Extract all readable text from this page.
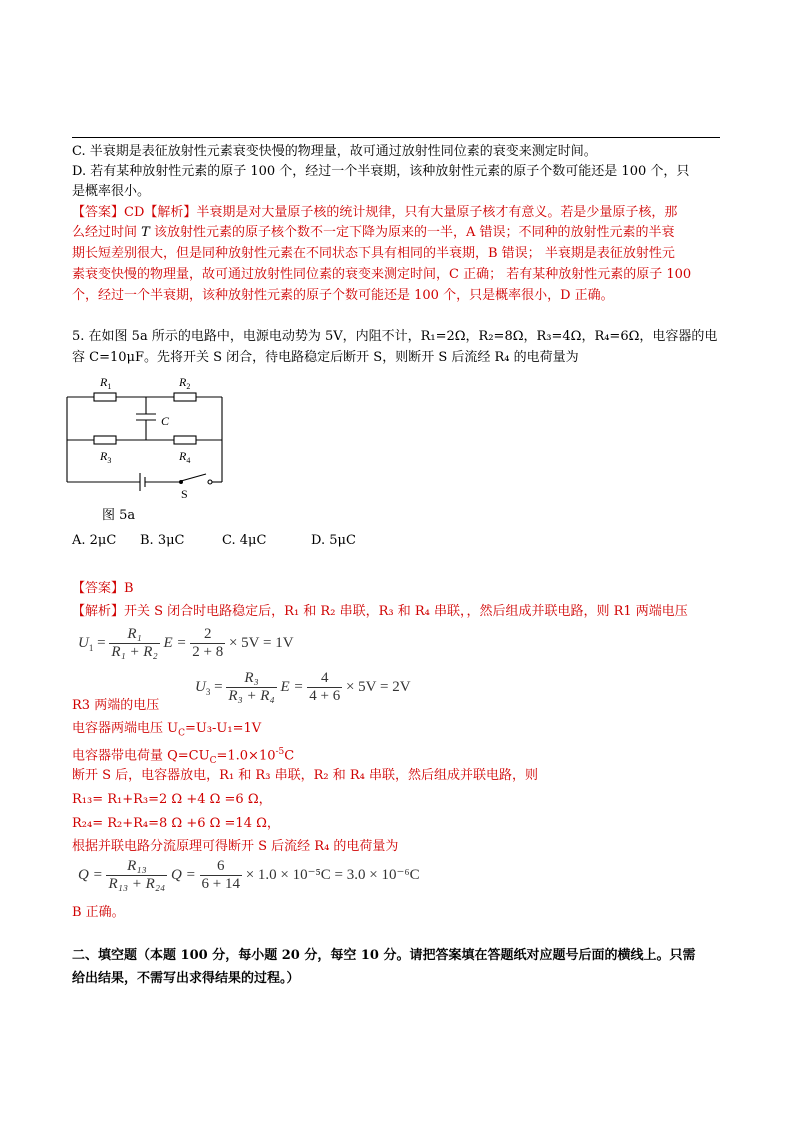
C. 半衰期是表征放射性元素衰变快慢的物理量，故可通过放射性同位素的衰变来测定时间。
D. 若有某种放射性元素的原子 100 个，经过一个半衰期，该种放射性元素的原子个数可能还是 100 个，只
是概率很小。
【答案】CD【解析】半衰期是对大量原子核的统计规律，只有大量原子核才有意义。若是少量原子核，那
么经过时间 T 该放射性元素的原子核个数不一定下降为原来的一半，A 错误；不同种的放射性元素的半衰
期长短差别很大，但是同种放射性元素在不同状态下具有相同的半衰期，B 错误； 半衰期是表征放射性元
素衰变快慢的物理量，故可通过放射性同位素的衰变来测定时间，C 正确； 若有某种放射性元素的原子 100
个，经过一个半衰期，该种放射性元素的原子个数可能还是 100 个，只是概率很小，D 正确。
5. 在如图 5a 所示的电路中，电源电动势为 5V，内阻不计，R₁=2Ω，R₂=8Ω，R₃=4Ω，R₄=6Ω，电容器的电
容 C=10μF。先将开关 S 闭合，待电路稳定后断开 S，则断开 S 后流经 R₄ 的电荷量为
$R_1$	$R_2$
C
$R_3$	$R_4$
S
图 5a
A. 2μC B. 3μC	C. 4μC	D. 5μC
【答案】B
【解析】开关 S 闭合时电路稳定后，R₁ 和 R₂ 串联，R₃ 和 R₄ 串联，，然后组成并联电路，则 R1 两端电压
$U_1 = \frac{\text{R₁}}{\text{R₁ + R₂}}$ $E = \frac{2}{2 + 8} \times 5V = 1V$
R3 两端的电压
$U_3 = \frac{\text{R₃}}{\text{R₃ + R₄}}$ $E = \frac{4}{4 + 6} \times 5V = 2V$
电容器两端电压 $U_C=U_3-U_1=1V$
电容器带电荷量 $Q=CU_C=1.0\times 10^{-5}C$
断开 S 后，电容器放电，R₁ 和 R₃ 串联，R₂ 和 R₄ 串联，然后组成并联电路，则
R₁₃= R₁+R₃=2 Ω +4 Ω =6 Ω，
R₂₄= R₂+R₄=8 Ω +6 Ω =14 Ω，
根据并联电路分流原理可得断开 S 后流经 R₄ 的电荷量为
$Q = \frac{\text{R₁₃}}{\text{R₁₃ + R₂₄}}$ $Q = \frac{6}{6 + 14} \times 1.0 \times 10^{-5}C = 3.0 \times 10^{-6}C$
B 正确。
二、填空题（本题 100 分，每小题 20 分，每空 10 分。请把答案填在答题纸对应题号后面的横线上。只需
给出结果，不需写出求得结果的过程。）
